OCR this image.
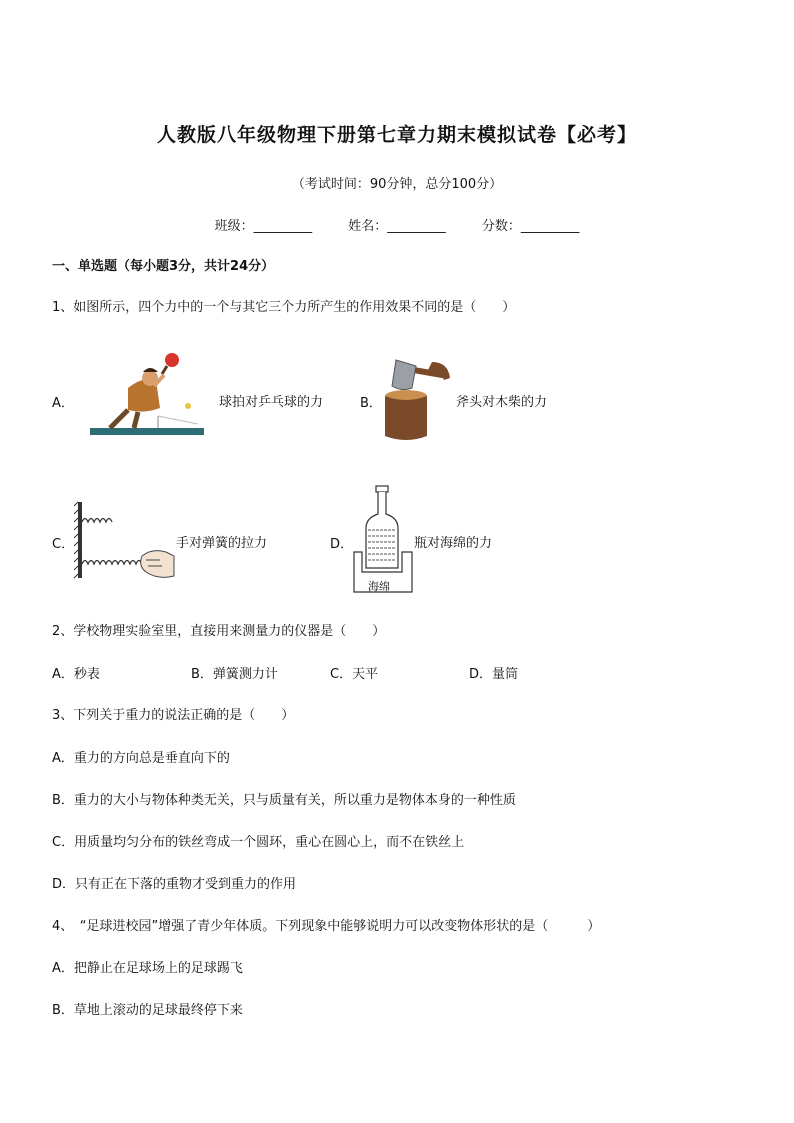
人教版八年级物理下册第七章力期末模拟试卷【必考】
（考试时间：90分钟，总分100分）
班级：_________	姓名：_________	分数：_________
一、单选题（每小题3分，共计24分）
1、如图所示，四个力中的一个与其它三个力所产生的作用效果不同的是（　　）
A．	球拍对乒乓球的力	B．	斧头对木柴的力
C．	手对弹簧的拉力	D．
海绵
瓶对海绵的力
2、学校物理实验室里，直接用来测量力的仪器是（　　）
A．秒表	B．弹簧测力计	C．天平	D．量筒
3、下列关于重力的说法正确的是（　　）
A．重力的方向总是垂直向下的
B．重力的大小与物体种类无关，只与质量有关，所以重力是物体本身的一种性质
C．用质量均匀分布的铁丝弯成一个圆环，重心在圆心上，而不在铁丝上
D．只有正在下落的重物才受到重力的作用
4、　“足球进校园”增强了青少年体质。下列现象中能够说明力可以改变物体形状的是（　　　）
A．把静止在足球场上的足球踢飞
B．草地上滚动的足球最终停下来
